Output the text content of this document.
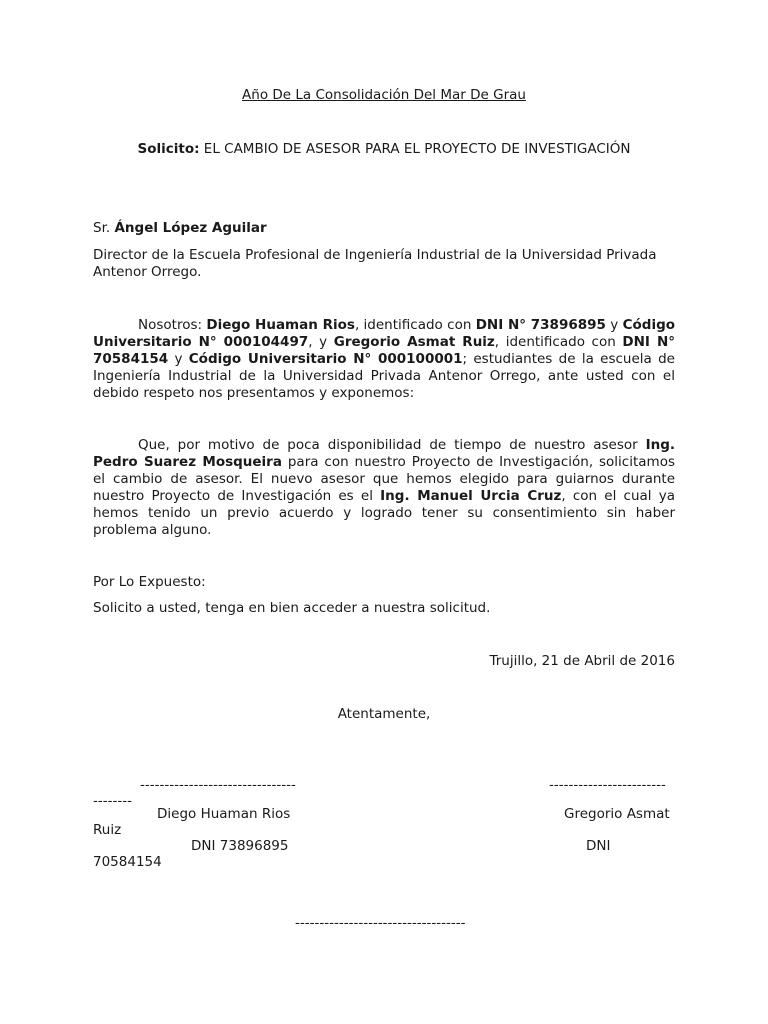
Año De La Consolidación Del Mar De Grau
Solicito: EL CAMBIO DE ASESOR PARA EL PROYECTO DE INVESTIGACIÓN
Sr. Ángel López Aguilar
Director de la Escuela Profesional de Ingeniería Industrial de la Universidad Privada Antenor Orrego.
Nosotros: Diego Huaman Rios, identificado con DNI N° 73896895 y Código Universitario N° 000104497, y Gregorio Asmat Ruiz, identificado con DNI N° 70584154 y Código Universitario N° 000100001; estudiantes de la escuela de Ingeniería Industrial de la Universidad Privada Antenor Orrego, ante usted con el debido respeto nos presentamos y exponemos:
Que, por motivo de poca disponibilidad de tiempo de nuestro asesor Ing. Pedro Suarez Mosqueira para con nuestro Proyecto de Investigación, solicitamos el cambio de asesor. El nuevo asesor que hemos elegido para guiarnos durante nuestro Proyecto de Investigación es el Ing. Manuel Urcia Cruz, con el cual ya hemos tenido un previo acuerdo y logrado tener su consentimiento sin haber problema alguno.
Por Lo Expuesto:
Solicito a usted, tenga en bien acceder a nuestra solicitud.
Trujillo, 21 de Abril de 2016
Atentamente,
--------------------------------	------------------------
--------
Diego Huaman Rios	Gregorio Asmat
Ruiz
DNI 73896895	DNI
70584154
-----------------------------------
